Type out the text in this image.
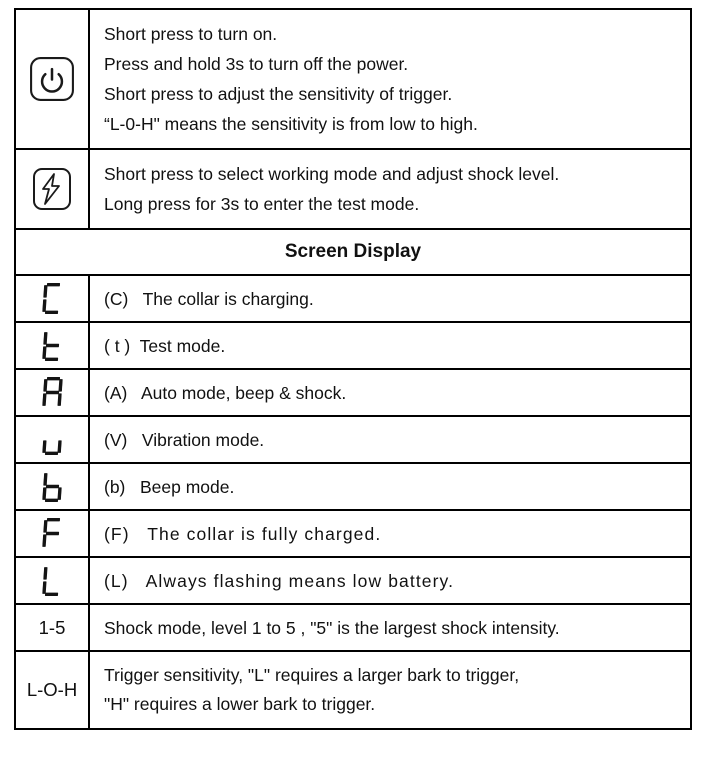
Short press to turn on.
Press and hold 3s to turn off the power.
Short press to adjust the sensitivity of trigger.
“L-0-H" means the sensitivity is from low to high.
Short press to select working mode and adjust shock level.
Long press for 3s to enter the test mode.
Screen Display
(C)   The collar is charging.
( t )  Test mode.
(A)   Auto mode, beep & shock.
(V)   Vibration mode.
(b)   Beep mode.
(F)   The collar is fully charged.
(L)   Always flashing means low battery.
1-5 Shock mode, level 1 to 5 , "5" is the largest shock intensity.
L-O-H
Trigger sensitivity, "L" requires a larger bark to trigger,
"H" requires a lower bark to trigger.
